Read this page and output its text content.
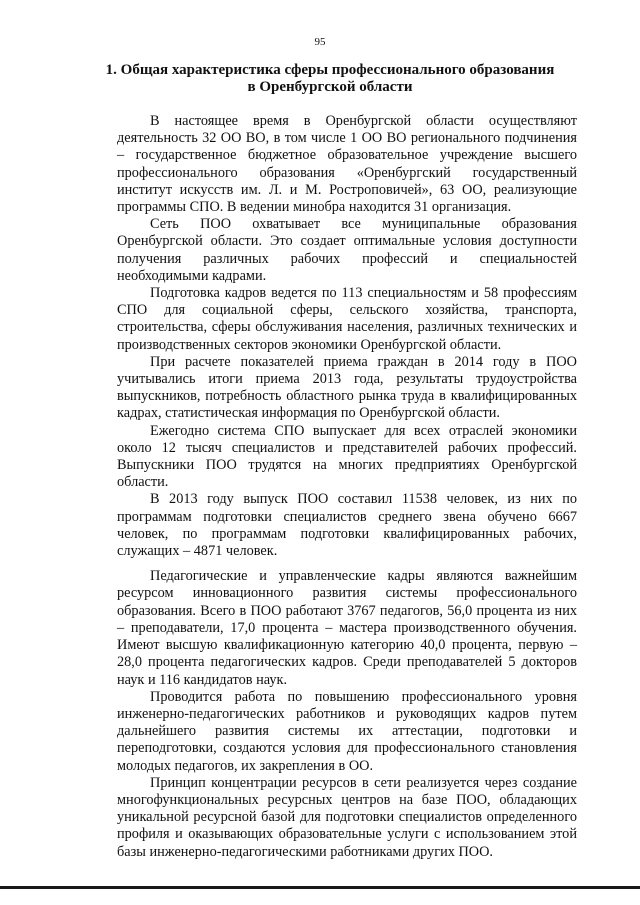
95
1. Общая характеристика сферы профессионального образования
в Оренбургской области

В настоящее время в Оренбургской области осуществляют деятельность 32 ОО ВО, в том числе 1 ОО ВО регионального подчинения – государственное бюджетное образовательное учреждение высшего профессионального образования «Оренбургский государственный институт искусств им. Л. и М. Ростроповичей», 63 ОО, реализующие программы СПО. В ведении минобра находится 31 организация.

Сеть ПОО охватывает все муниципальные образования Оренбургской области. Это создает оптимальные условия доступности получения различных рабочих профессий и специальностей необходимыми кадрами.

Подготовка кадров ведется по 113 специальностям и 58 профессиям СПО для социальной сферы, сельского хозяйства, транспорта, строительства, сферы обслуживания населения, различных технических и производственных секторов экономики Оренбургской области.

При расчете показателей приема граждан в 2014 году в ПОО учитывались итоги приема 2013 года, результаты трудоустройства выпускников, потребность областного рынка труда в квалифицированных кадрах, статистическая информация по Оренбургской области.

Ежегодно система СПО выпускает для всех отраслей экономики около 12 тысяч специалистов и представителей рабочих профессий. Выпускники ПОО трудятся на многих предприятиях Оренбургской области.

В 2013 году выпуск ПОО составил 11538 человек, из них по программам подготовки специалистов среднего звена обучено 6667 человек, по программам подготовки квалифицированных рабочих, служащих – 4871 человек.

Педагогические и управленческие кадры являются важнейшим ресурсом инновационного развития системы профессионального образования. Всего в ПОО работают 3767 педагогов, 56,0 процента из них – преподаватели, 17,0 процента – мастера производственного обучения. Имеют высшую квалификационную категорию 40,0 процента, первую – 28,0 процента педагогических кадров. Среди преподавателей 5 докторов наук и 116 кандидатов наук.

Проводится работа по повышению профессионального уровня инженерно-педагогических работников и руководящих кадров путем дальнейшего развития системы их аттестации, подготовки и переподготовки, создаются условия для профессионального становления молодых педагогов, их закрепления в ОО.

Принцип концентрации ресурсов в сети реализуется через создание многофункциональных ресурсных центров на базе ПОО, обладающих уникальной ресурсной базой для подготовки специалистов определенного профиля и оказывающих образовательные услуги с использованием этой базы инженерно-педагогическими работниками других ПОО.
